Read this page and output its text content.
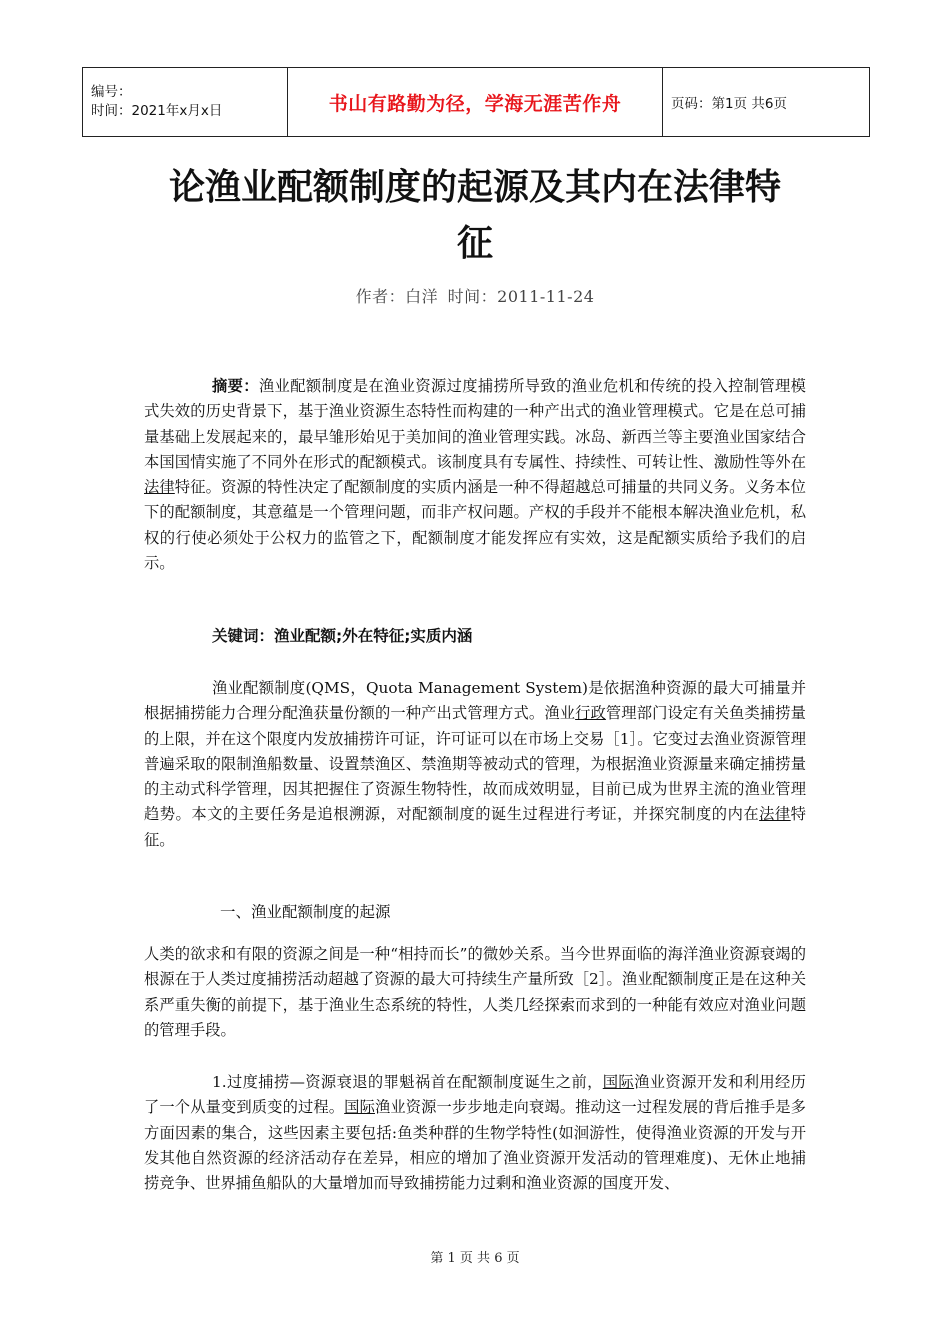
编号：
时间：2021年x月x日	书山有路勤为径，学海无涯苦作舟	页码：第1页 共6页
论渔业配额制度的起源及其内在法律特
征
作者：白洋 时间：2011-11-24

摘要：渔业配额制度是在渔业资源过度捕捞所导致的渔业危机和传统的投入控制管理模式失效的历史背景下，基于渔业资源生态特性而构建的一种产出式的渔业管理模式。它是在总可捕量基础上发展起来的，最早雏形始见于美加间的渔业管理实践。冰岛、新西兰等主要渔业国家结合本国国情实施了不同外在形式的配额模式。该制度具有专属性、持续性、可转让性、激励性等外在法律特征。资源的特性决定了配额制度的实质内涵是一种不得超越总可捕量的共同义务。义务本位下的配额制度，其意蕴是一个管理问题，而非产权问题。产权的手段并不能根本解决渔业危机，私权的行使必须处于公权力的监管之下，配额制度才能发挥应有实效，这是配额实质给予我们的启示。

关键词：渔业配额;外在特征;实质内涵

渔业配额制度(QMS，Quota Management System)是依据渔种资源的最大可捕量并根据捕捞能力合理分配渔获量份额的一种产出式管理方式。渔业行政管理部门设定有关鱼类捕捞量的上限，并在这个限度内发放捕捞许可证，许可证可以在市场上交易［1］。它变过去渔业资源管理普遍采取的限制渔船数量、设置禁渔区、禁渔期等被动式的管理，为根据渔业资源量来确定捕捞量的主动式科学管理，因其把握住了资源生物特性，故而成效明显，目前已成为世界主流的渔业管理趋势。本文的主要任务是追根溯源，对配额制度的诞生过程进行考证，并探究制度的内在法律特征。

一、渔业配额制度的起源

人类的欲求和有限的资源之间是一种“相持而长”的微妙关系。当今世界面临的海洋渔业资源衰竭的根源在于人类过度捕捞活动超越了资源的最大可持续生产量所致［2］。渔业配额制度正是在这种关系严重失衡的前提下，基于渔业生态系统的特性，人类几经探索而求到的一种能有效应对渔业问题的管理手段。

1.过度捕捞—资源衰退的罪魁祸首在配额制度诞生之前，国际渔业资源开发和利用经历了一个从量变到质变的过程。国际渔业资源一步步地走向衰竭。推动这一过程发展的背后推手是多方面因素的集合，这些因素主要包括:鱼类种群的生物学特性(如洄游性，使得渔业资源的开发与开发其他自然资源的经济活动存在差异，相应的增加了渔业资源开发活动的管理难度)、无休止地捕捞竞争、世界捕鱼船队的大量增加而导致捕捞能力过剩和渔业资源的国度开发、

第 1 页 共 6 页
